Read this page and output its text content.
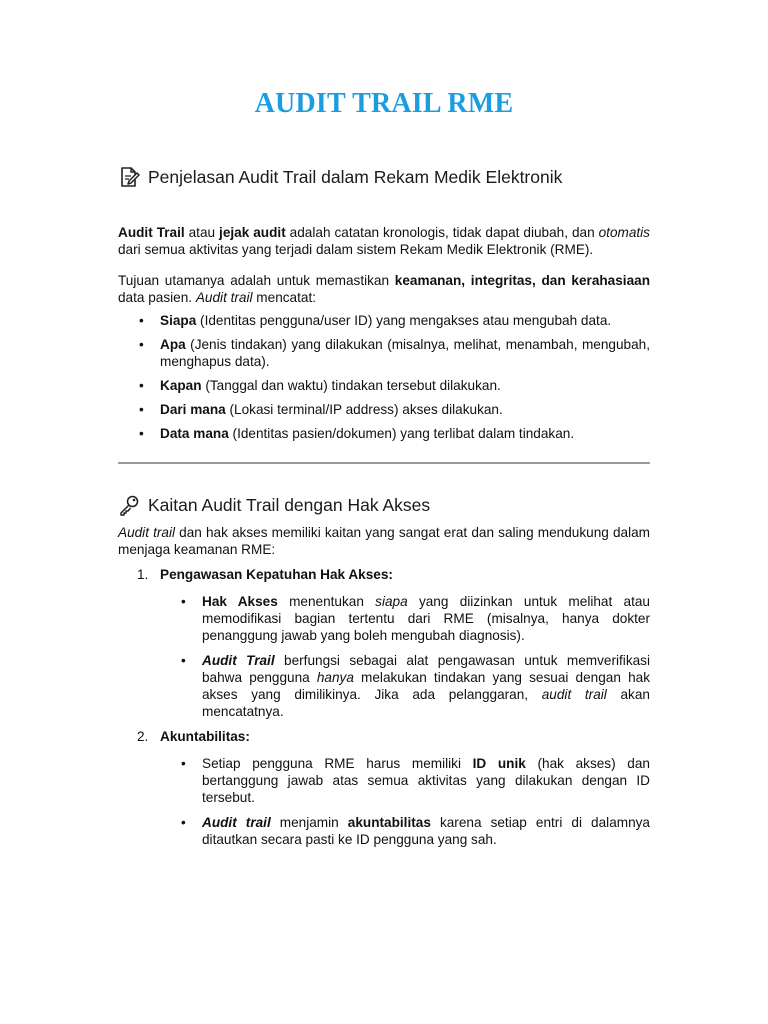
AUDIT TRAIL RME
Penjelasan Audit Trail dalam Rekam Medik Elektronik

Audit Trail atau jejak audit adalah catatan kronologis, tidak dapat diubah, dan otomatis dari semua aktivitas yang terjadi dalam sistem Rekam Medik Elektronik (RME).

Tujuan utamanya adalah untuk memastikan keamanan, integritas, dan kerahasiaan data pasien. Audit trail mencatat:

• Siapa (Identitas pengguna/user ID) yang mengakses atau mengubah data.
• Apa (Jenis tindakan) yang dilakukan (misalnya, melihat, menambah, mengubah, menghapus data).
• Kapan (Tanggal dan waktu) tindakan tersebut dilakukan.
• Dari mana (Lokasi terminal/IP address) akses dilakukan.
• Data mana (Identitas pasien/dokumen) yang terlibat dalam tindakan.
Kaitan Audit Trail dengan Hak Akses

Audit trail dan hak akses memiliki kaitan yang sangat erat dan saling mendukung dalam menjaga keamanan RME:

1. Pengawasan Kepatuhan Hak Akses:
• Hak Akses menentukan siapa yang diizinkan untuk melihat atau memodifikasi bagian tertentu dari RME (misalnya, hanya dokter penanggung jawab yang boleh mengubah diagnosis).
• Audit Trail berfungsi sebagai alat pengawasan untuk memverifikasi bahwa pengguna hanya melakukan tindakan yang sesuai dengan hak akses yang dimilikinya. Jika ada pelanggaran, audit trail akan mencatatnya.
2. Akuntabilitas:
• Setiap pengguna RME harus memiliki ID unik (hak akses) dan bertanggung jawab atas semua aktivitas yang dilakukan dengan ID tersebut.
• Audit trail menjamin akuntabilitas karena setiap entri di dalamnya ditautkan secara pasti ke ID pengguna yang sah.
